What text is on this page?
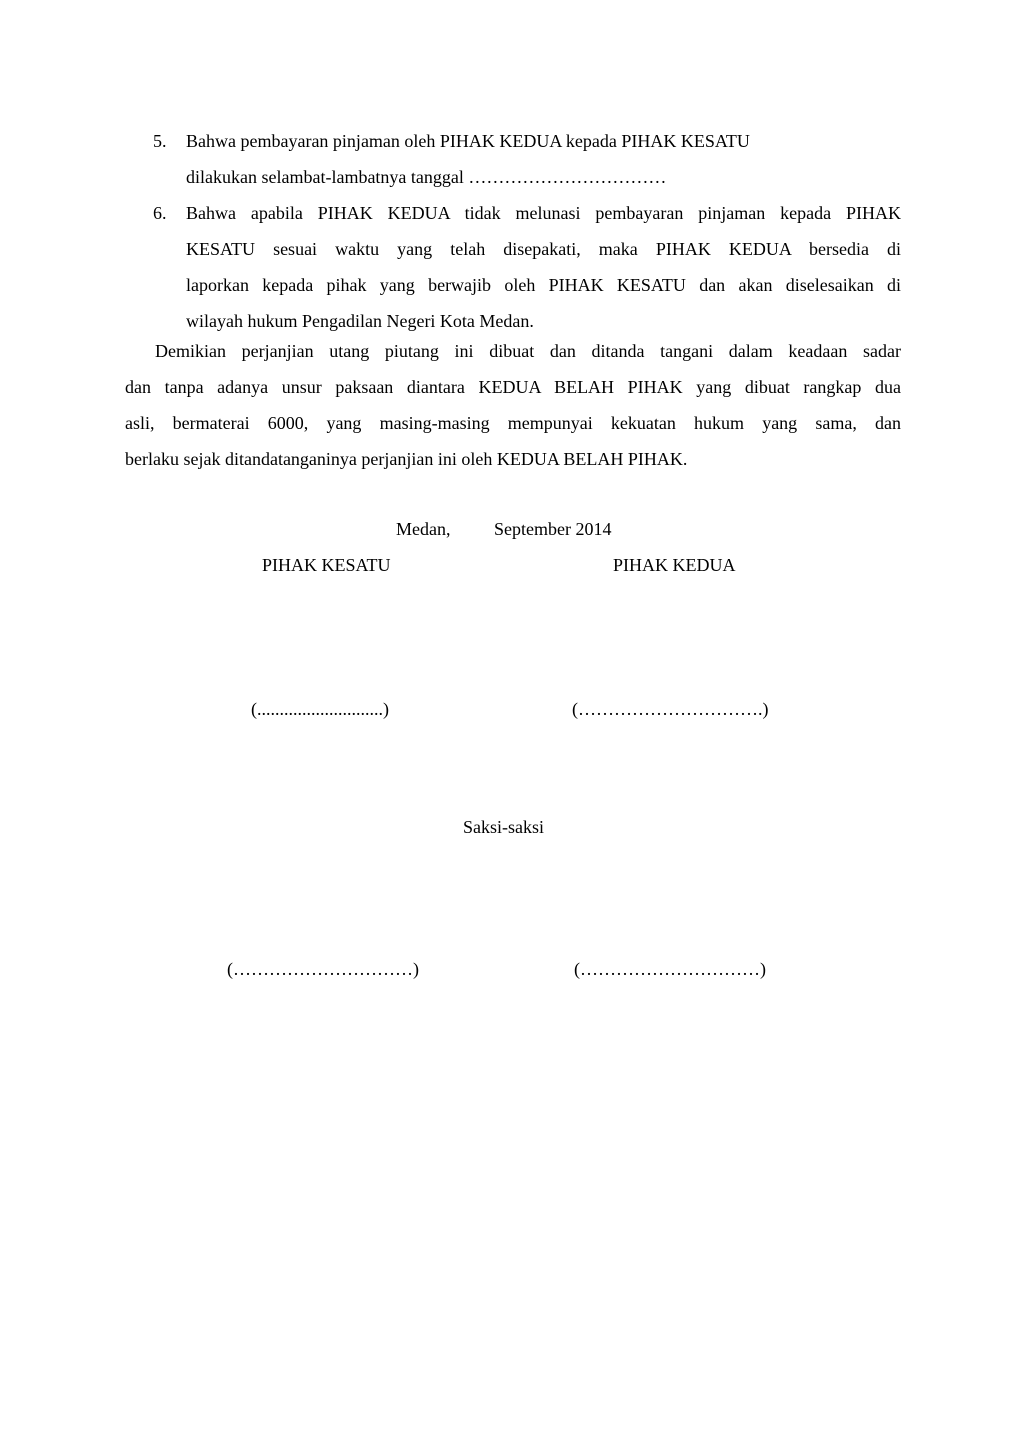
5. Bahwa pembayaran pinjaman oleh PIHAK KEDUA kepada PIHAK KESATU
dilakukan selambat-lambatnya tanggal ……………………………
6. Bahwa apabila PIHAK KEDUA tidak melunasi pembayaran pinjaman kepada PIHAK
KESATU sesuai waktu yang telah disepakati, maka PIHAK KEDUA bersedia di
laporkan kepada pihak yang berwajib oleh PIHAK KESATU dan akan diselesaikan di
wilayah hukum Pengadilan Negeri Kota Medan.

Demikian perjanjian utang piutang ini dibuat dan ditanda tangani dalam keadaan sadar
dan tanpa adanya unsur paksaan diantara KEDUA BELAH PIHAK yang dibuat rangkap dua
asli, bermaterai 6000, yang masing-masing mempunyai kekuatan hukum yang sama, dan
berlaku sejak ditandatanganinya perjanjian ini oleh KEDUA BELAH PIHAK.

Medan, September 2014
PIHAK KESATU	PIHAK KEDUA
(............................)	(………………………….)
Saksi-saksi
(…………………………)	(…………………………)
